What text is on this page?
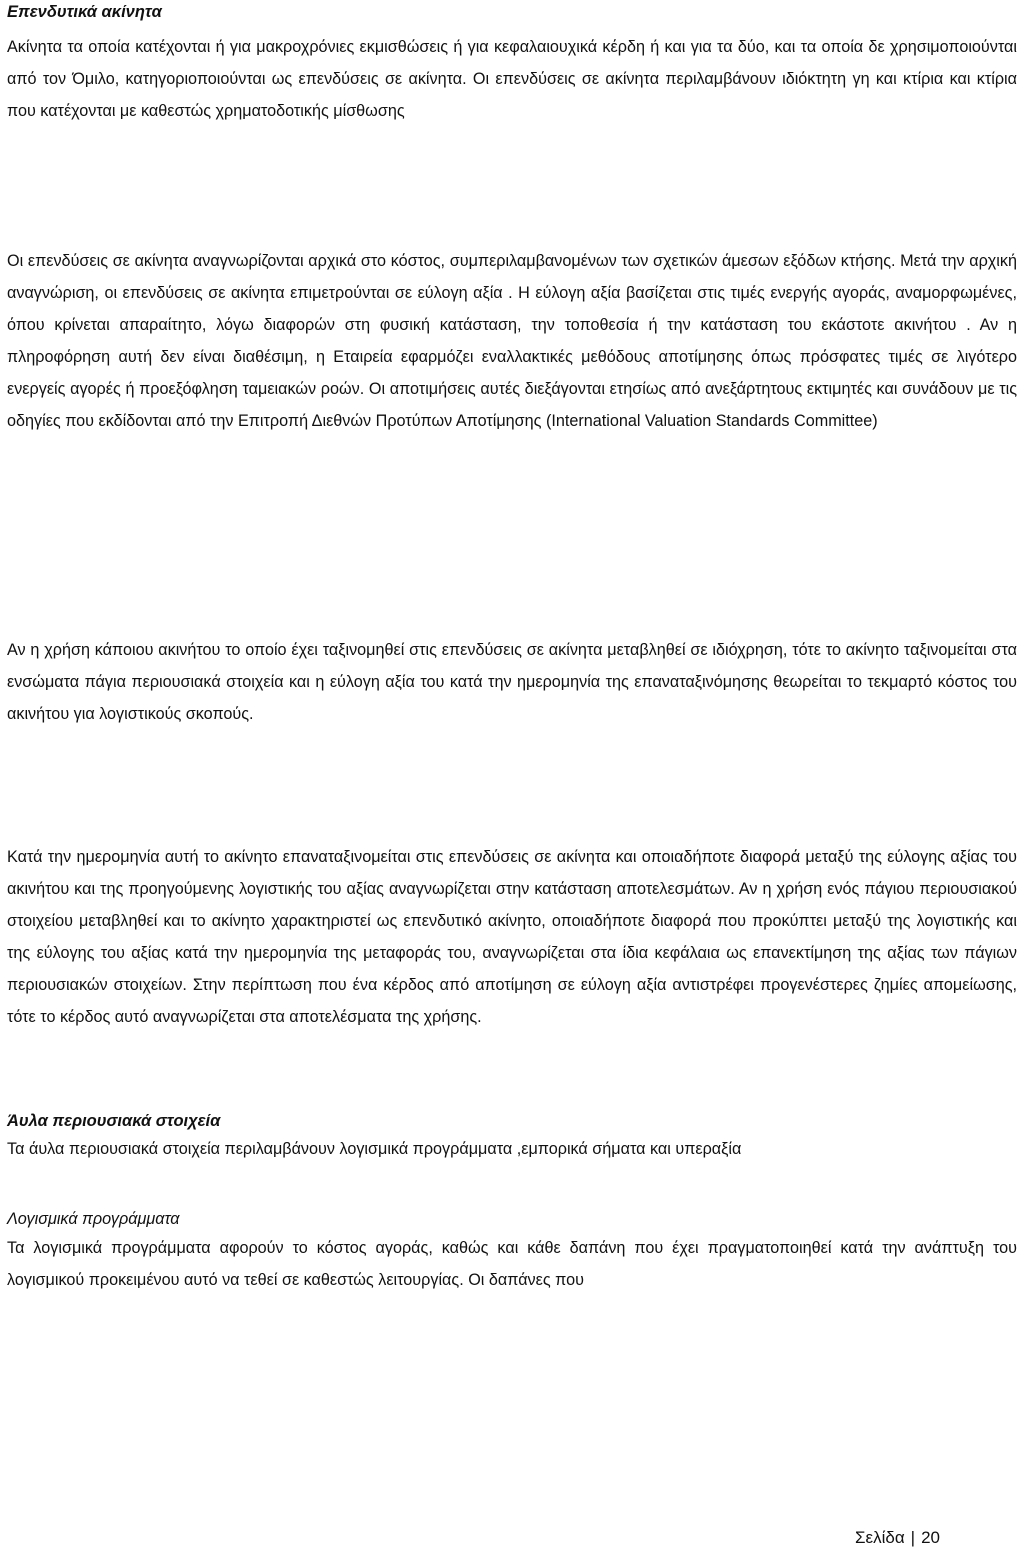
Επενδυτικά ακίνητα

Ακίνητα τα οποία κατέχονται ή για μακροχρόνιες εκμισθώσεις ή για κεφαλαιουχικά κέρδη ή και για τα δύο, και τα οποία δε χρησιμοποιούνται από τον Όμιλο, κατηγοριοποιούνται ως επενδύσεις σε ακίνητα. Οι επενδύσεις σε ακίνητα περιλαμβάνουν ιδιόκτητη γη και κτίρια και κτίρια που κατέχονται με καθεστώς χρηματοδοτικής μίσθωσης

Οι επενδύσεις σε ακίνητα αναγνωρίζονται αρχικά στο κόστος, συμπεριλαμβανομένων των σχετικών άμεσων εξόδων κτήσης. Μετά την αρχική αναγνώριση, οι επενδύσεις σε ακίνητα επιμετρούνται σε εύλογη αξία . Η εύλογη αξία βασίζεται στις τιμές ενεργής αγοράς, αναμορφωμένες, όπου κρίνεται απαραίτητο, λόγω διαφορών στη φυσική κατάσταση, την τοποθεσία ή την κατάσταση του εκάστοτε ακινήτου . Αν η πληροφόρηση αυτή δεν είναι διαθέσιμη, η Εταιρεία εφαρμόζει εναλλακτικές μεθόδους αποτίμησης όπως πρόσφατες τιμές σε λιγότερο ενεργείς αγορές ή προεξόφληση ταμειακών ροών. Οι αποτιμήσεις αυτές διεξάγονται ετησίως από ανεξάρτητους εκτιμητές και συνάδουν με τις οδηγίες που εκδίδονται από την Επιτροπή Διεθνών Προτύπων Αποτίμησης (International Valuation Standards Committee)

Αν η χρήση κάποιου ακινήτου το οποίο έχει ταξινομηθεί στις επενδύσεις σε ακίνητα μεταβληθεί σε ιδιόχρηση, τότε το ακίνητο ταξινομείται στα ενσώματα πάγια περιουσιακά στοιχεία και η εύλογη αξία του κατά την ημερομηνία της επαναταξινόμησης θεωρείται το τεκμαρτό κόστος του ακινήτου για λογιστικούς σκοπούς.

Κατά την ημερομηνία αυτή το ακίνητο επαναταξινομείται στις επενδύσεις σε ακίνητα και οποιαδήποτε διαφορά μεταξύ της εύλογης αξίας του ακινήτου και της προηγούμενης λογιστικής του αξίας αναγνωρίζεται στην κατάσταση αποτελεσμάτων. Αν η χρήση ενός πάγιου περιουσιακού στοιχείου μεταβληθεί και το ακίνητο χαρακτηριστεί ως επενδυτικό ακίνητο, οποιαδήποτε διαφορά που προκύπτει μεταξύ της λογιστικής και της εύλογης του αξίας κατά την ημερομηνία της μεταφοράς του, αναγνωρίζεται στα ίδια κεφάλαια ως επανεκτίμηση της αξίας των πάγιων περιουσιακών στοιχείων. Στην περίπτωση που ένα κέρδος από αποτίμηση σε εύλογη αξία αντιστρέφει προγενέστερες ζημίες απομείωσης, τότε το κέρδος αυτό αναγνωρίζεται στα αποτελέσματα της χρήσης.

Άυλα περιουσιακά στοιχεία

Τα άυλα περιουσιακά στοιχεία περιλαμβάνουν λογισμικά προγράμματα ,εμπορικά σήματα και υπεραξία

Λογισμικά προγράμματα

Τα λογισμικά προγράμματα αφορούν το κόστος αγοράς, καθώς και κάθε δαπάνη που έχει πραγματοποιηθεί κατά την ανάπτυξη του λογισμικού προκειμένου αυτό να τεθεί σε καθεστώς λειτουργίας. Οι δαπάνες που

Σελίδα | 20
